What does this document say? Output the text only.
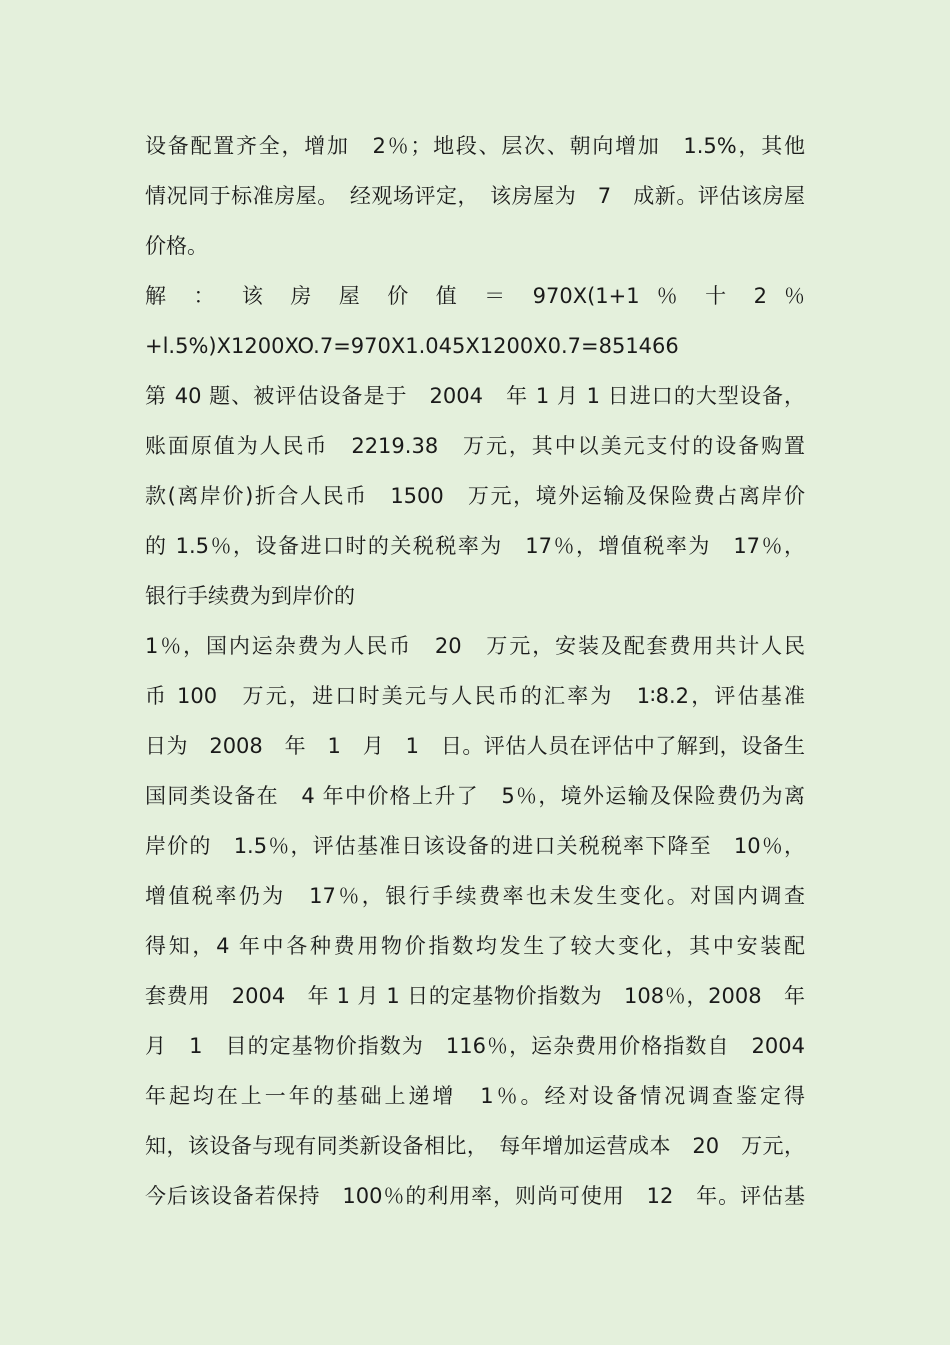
设备配置齐全，增加　2％；地段、层次、朝向增加　1.5%，其他
情况同于标准房屋。　经观场评定，　该房屋为　7　成新。评估该房屋
价格。
解 ： 该 房 屋 价 值 ＝ 970X(1+1 ％ 十 2 ％
+l.5%)X1200XO.7=970X1.045X1200X0.7=851466
第 40 题、被评估设备是于　2004　年 1 月 1 日进口的大型设备，
账面原值为人民币　2219.38　万元，其中以美元支付的设备购置
款(离岸价)折合人民币　1500　万元，境外运输及保险费占离岸价
的 1.5％，设备进口时的关税税率为　17％，增值税率为　17％，
银行手续费为到岸价的
1％，国内运杂费为人民币　20　万元，安装及配套费用共计人民
币 100　万元，进口时美元与人民币的汇率为　1∶8.2，评估基准
日为　2008　年　1　月　1　日。评估人员在评估中了解到，设备生
国同类设备在　4 年中价格上升了　5％，境外运输及保险费仍为离
岸价的　1.5％，评估基准日该设备的进口关税税率下降至　10％，
增值税率仍为　17％，银行手续费率也未发生变化。对国内调查
得知，4 年中各种费用物价指数均发生了较大变化，其中安装配
套费用　2004　年 1 月 1 日的定基物价指数为　108％，2008　年
月　1　目的定基物价指数为　116％，运杂费用价格指数自　2004
年起均在上一年的基础上递增　1％。经对设备情况调查鉴定得
知，该设备与现有同类新设备相比，　每年增加运营成本　20　万元，
今后该设备若保持　100％的利用率，则尚可使用　12　年。评估基
